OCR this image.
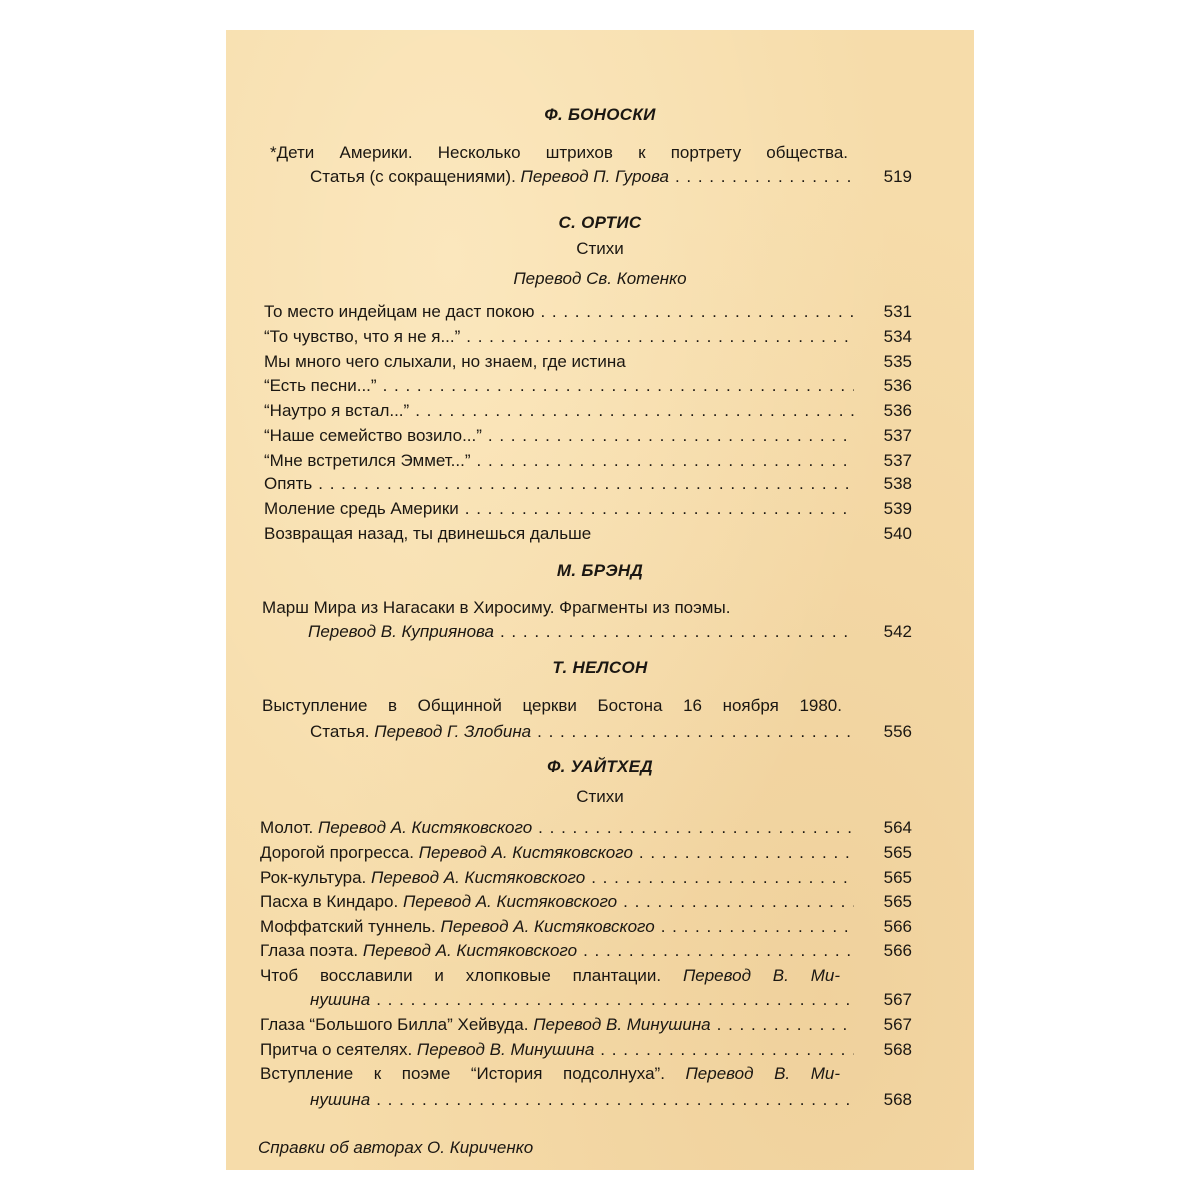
Ф. БОНОСКИ
*Дети Америки. Несколько штрихов к портрету общества.
Статья (с сокращениями).
Перевод П. Гурова . . .	519
С. ОРТИС
Стихи
Перевод Св. Котенко
То место индейцам не даст покою . . .	531
“То чувство, что я не я...” . . .	534
Мы много чего слыхали, но знаем, где истина	535
“Есть песни...” . . .	536
“Наутро я встал...” . . .	536
“Наше семейство возило...” . . .	537
“Мне встретился Эммет...” . . .	537
Опять . . .	538
Моление средь Америки . . .	539
Возвращая назад, ты двинешься дальше	540
М. БРЭНД
Марш Мира из Нагасаки в Хиросиму. Фрагменты из поэмы.
Перевод В. Куприянова . . .	542
Т. НЕЛСОН
Выступление в Общинной церкви Бостона 16 ноября 1980.
Статья.
Перевод Г. Злобина . . .	556
Ф. УАЙТХЕД
Стихи
Молот.
Перевод А. Кистяковского . . .	564
Дорогой прогресса.
Перевод А. Кистяковского . . .	565
Рок-культура.
Перевод А. Кистяковского . . .	565
Пасха в Киндаро.
Перевод А. Кистяковского . . .	565
Моффатский туннель.
Перевод А. Кистяковского . . .	566
Глаза поэта.
Перевод А. Кистяковского . . .	566
Чтоб восславили и хлопковые плантации. Перевод В. Ми-
нушина . . .	567
Глаза “Большого Билла” Хейвуда.
Перевод В. Минушина . . .	567
Притча о сеятелях.
Перевод В. Минушина . . .	568
Вступление к поэме “История подсолнуха”. Перевод В. Ми-
нушина . . .	568
Справки об авторах О. Кириченко
